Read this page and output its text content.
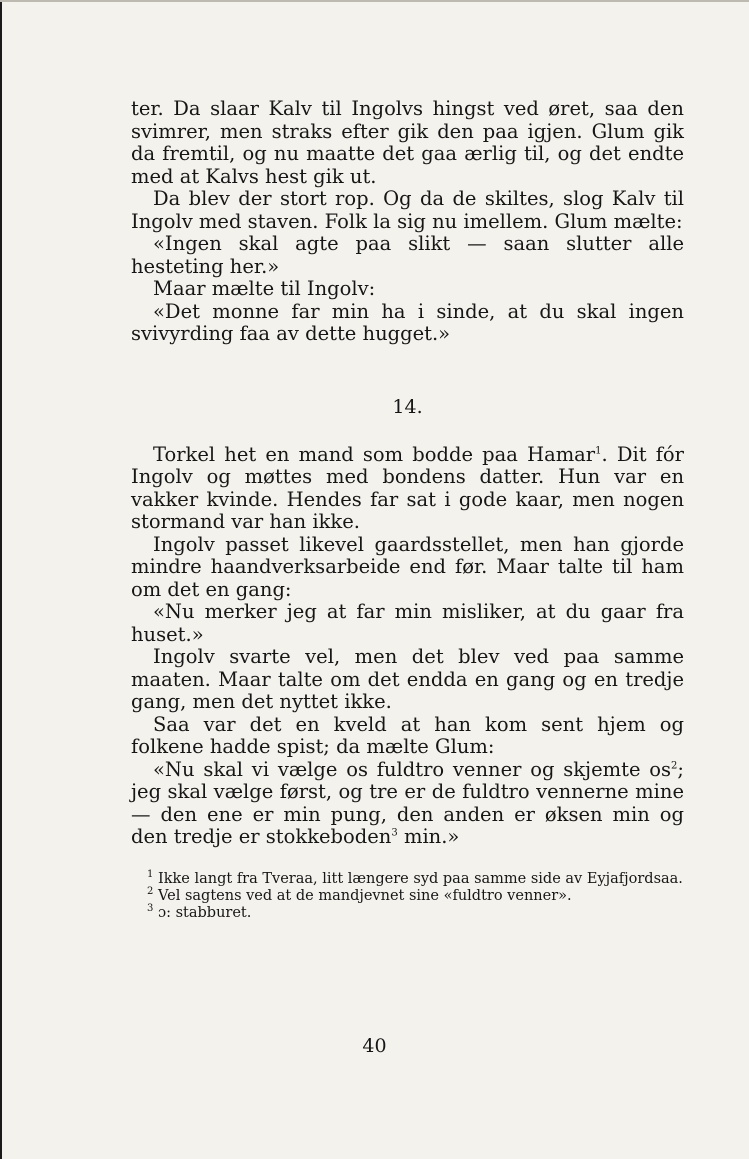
ter. Da slaar Kalv til Ingolvs hingst ved øret, saa den svimrer, men straks efter gik den paa igjen. Glum gik da fremtil, og nu maatte det gaa ærlig til, og det endte med at Kalvs hest gik ut.

Da blev der stort rop. Og da de skiltes, slog Kalv til Ingolv med staven. Folk la sig nu imellem. Glum mælte:

«Ingen skal agte paa slikt — saan slutter alle hesteting her.»

Maar mælte til Ingolv:

«Det monne far min ha i sinde, at du skal ingen svivyrding faa av dette hugget.»

14.

Torkel het en mand som bodde paa Hamar$^1$. Dit fór Ingolv og møttes med bondens datter. Hun var en vakker kvinde. Hendes far sat i gode kaar, men nogen stormand var han ikke.

Ingolv passet likevel gaardsstellet, men han gjorde mindre haandverksarbeide end før. Maar talte til ham om det en gang:

«Nu merker jeg at far min misliker, at du gaar fra huset.»

Ingolv svarte vel, men det blev ved paa samme maaten. Maar talte om det endda en gang og en tredje gang, men det nyttet ikke.

Saa var det en kveld at han kom sent hjem og folkene hadde spist; da mælte Glum:

«Nu skal vi vælge os fuldtro venner og skjemte $os^2$; jeg skal vælge først, og tre er de fuldtro vennerne mine — den ene er min pung, den anden er øksen min og den tredje er stokkeboden$^3$ min.»

$^1$ Ikke langt fra Tveraa, litt længere syd paa samme side av Eyjafjordsaa.

$^2$ Vel sagtens ved at de mandjevnet sine «fuldtro venner».

$^3$ ɔ: stabburet.

40
